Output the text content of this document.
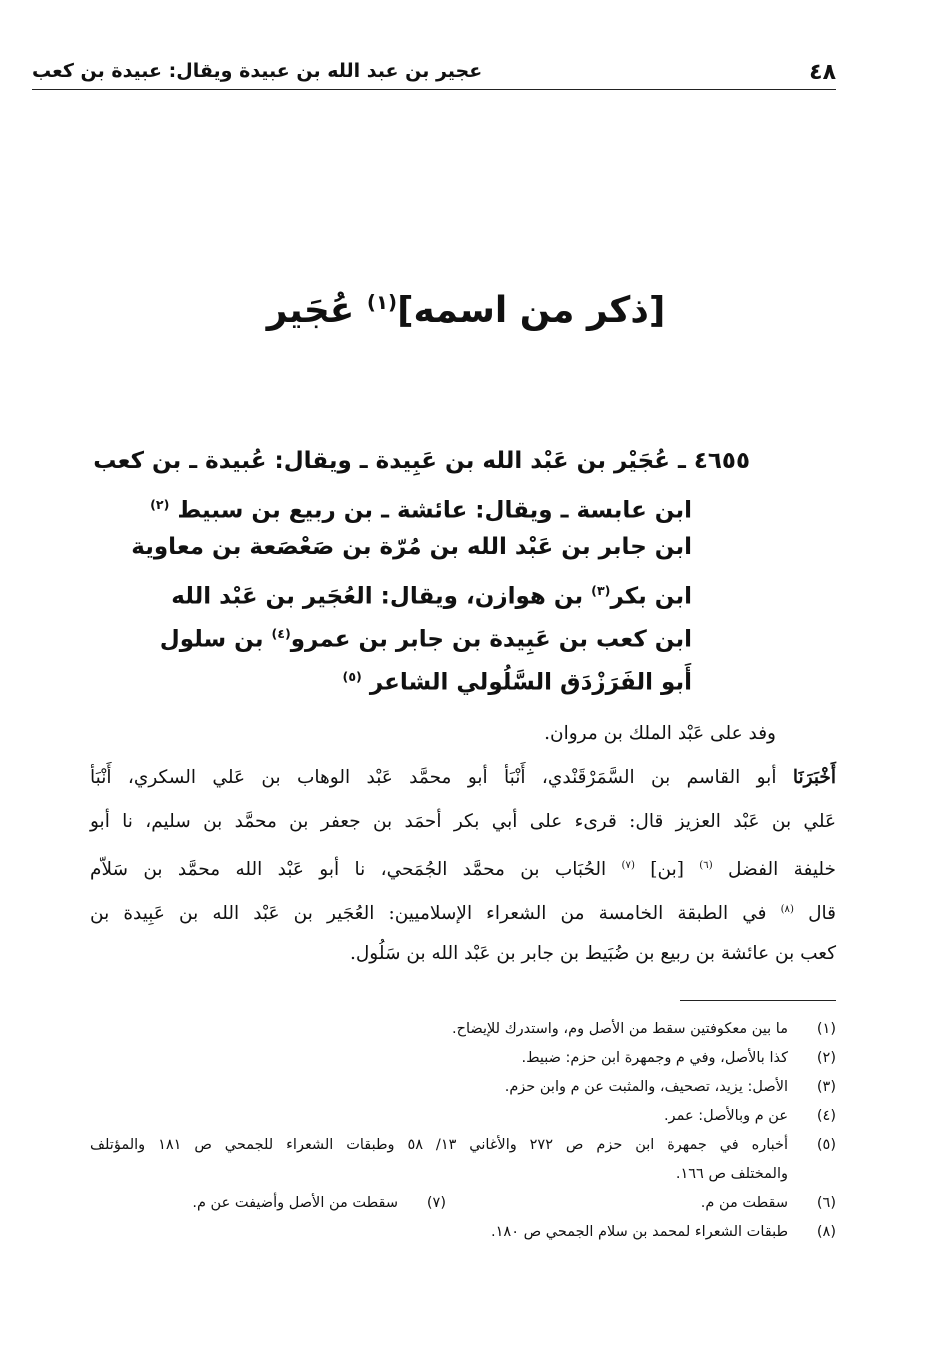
٤٨
عجير بن عبد الله بن عبيدة ويقال: عبيدة بن كعب
[ذكر من اسمه]$^{(١)}$ عُجَير
٤٦٥٥ ـ عُجَيْر بن عَبْد الله بن عَبِيدة ـ ويقال: عُبيدة ـ بن كعب
ابن عابسة ـ ويقال: عائشة ـ بن ربيع بن سبيط $^{(٢)}$
ابن جابر بن عَبْد الله بن مُرّة بن صَعْصَعة بن معاوية
ابن بكر$^{(٣)}$ بن هوازن، ويقال: العُجَير بن عَبْد الله
ابن كعب بن عَبِيدة بن جابر بن عمرو$^{(٤)}$ بن سلول
أَبو الفَرَزْدَق السَّلُولي الشاعر $^{(٥)}$
وفد على عَبْد الملك بن مروان.
أَخْبَرَنَا أبو القاسم بن السَّمَرْقَنْدي، أَنْبَأ أبو محمَّد عَبْد الوهاب بن عَلي السكري، أَنْبَأ
عَلي بن عَبْد العزيز قال: قرىء على أبي بكر أحمَد بن جعفر بن محمَّد بن سليم، نا أبو
خليفة الفضل $^{(٦)}$ [بن] $^{(٧)}$ الحُبَاب بن محمَّد الجُمَحي، نا أبو عَبْد الله محمَّد بن سَلاّم
قال $^{(٨)}$ في الطبقة الخامسة من الشعراء الإسلاميين: العُجَير بن عَبْد الله بن عَبِيدة بن
كعب بن عائشة بن ربيع بن ضُبَيط بن جابر بن عَبْد الله بن سَلُول.
(١)
ما بين معكوفتين سقط من الأصل وم، واستدرك للإيضاح.
(٢)
كذا بالأصل، وفي م وجمهرة ابن حزم: ضبيط.
(٣)
الأصل: يزيد، تصحيف، والمثبت عن م وابن حزم.
(٤)
عن م وبالأصل: عمر.
(٥)
أخباره في جمهرة ابن حزم ص ٢٧٢ والأغاني ١٣/ ٥٨ وطبقات الشعراء للجمحي ص ١٨١ والمؤتلف
والمختلف ص ١٦٦.
(٦)
سقطت من م.
(٧)
سقطت من الأصل وأضيفت عن م.
(٨)
طبقات الشعراء لمحمد بن سلام الجمحي ص ١٨٠.
